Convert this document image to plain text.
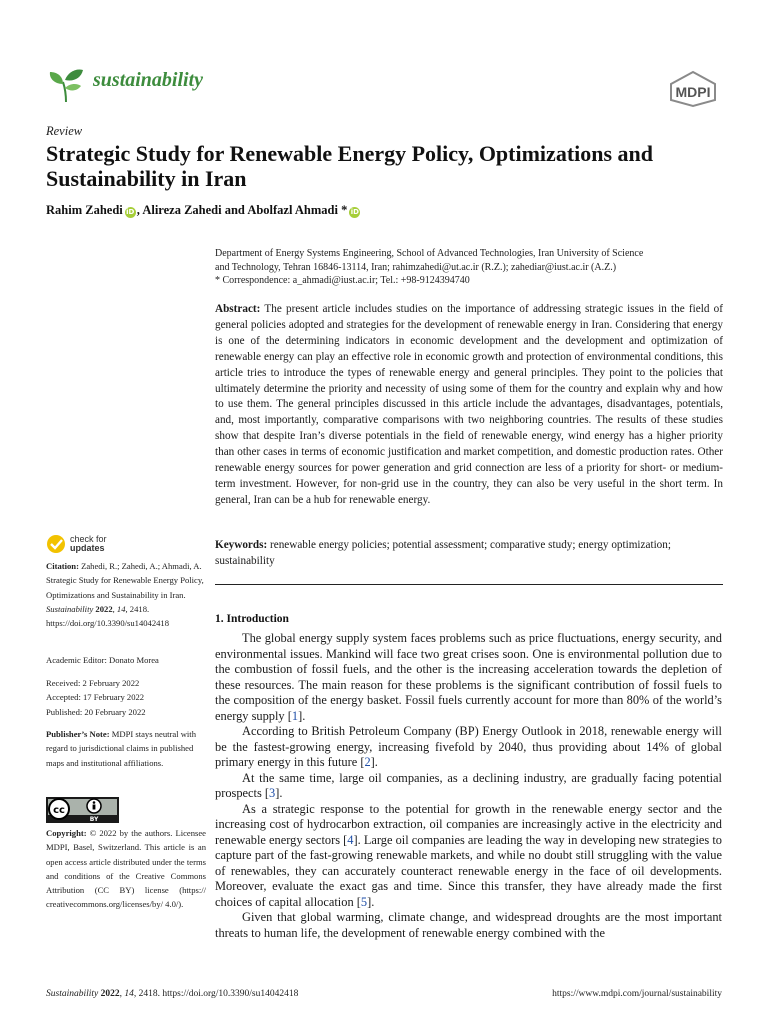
sustainability
MDPI
Review
Strategic Study for Renewable Energy Policy, Optimizations and Sustainability in Iran
Rahim Zahedi iD , Alireza Zahedi and Abolfazl Ahmadi * iD
Department of Energy Systems Engineering, School of Advanced Technologies, Iran University of Science
and Technology, Tehran 16846-13114, Iran; rahimzahedi@ut.ac.ir (R.Z.); zahediar@iust.ac.ir (A.Z.)
* Correspondence: a_ahmadi@iust.ac.ir; Tel.: +98-9124394740
Abstract: The present article includes studies on the importance of addressing strategic issues in the field of general policies adopted and strategies for the development of renewable energy in Iran. Considering that energy is one of the determining indicators in economic development and the development and optimization of renewable energy can play an effective role in economic growth and protection of environmental conditions, this article tries to introduce the types of renewable energy and general principles. They point to the policies that ultimately determine the priority and necessity of using some of them for the country and explain why and how to use them. The general principles discussed in this article include the advantages, disadvantages, potentials, and, most importantly, comparative comparisons with two neighboring countries. The results of these studies show that despite Iran’s diverse potentials in the field of renewable energy, wind energy has a higher priority than other cases in terms of economic justification and market competition, and domestic production rates. Other renewable energy sources for power generation and grid connection are less of a priority for short- or medium-term investment. However, for non-grid use in the country, they can also be very useful in the short term. In general, Iran can be a hub for renewable energy.
Keywords: renewable energy policies; potential assessment; comparative study; energy optimization; sustainability
check for
updates
Citation: Zahedi, R.; Zahedi, A.; Ahmadi, A. Strategic Study for Renewable Energy Policy, Optimizations and Sustainability in Iran. Sustainability 2022, 14, 2418. https://doi.org/10.3390/su14042418
Academic Editor: Donato Morea
Received: 2 February 2022
Accepted: 17 February 2022
Published: 20 February 2022
Publisher’s Note: MDPI stays neutral with regard to jurisdictional claims in published maps and institutional affiliations.
cc
BY
Copyright: © 2022 by the authors. Licensee MDPI, Basel, Switzerland. This article is an open access article distributed under the terms and conditions of the Creative Commons Attribution (CC BY) license (https:// creativecommons.org/licenses/by/ 4.0/).
1. Introduction

The global energy supply system faces problems such as price fluctuations, energy security, and environmental issues. Mankind will face two great crises soon. One is environmental pollution due to the combustion of fossil fuels, and the other is the increasing acceleration towards the depletion of these resources. The main reason for these problems is the significant contribution of fossil fuels to the composition of the energy basket. Fossil fuels currently account for more than 80% of the world’s energy supply [1].

According to British Petroleum Company (BP) Energy Outlook in 2018, renewable energy will be the fastest-growing energy, increasing fivefold by 2040, thus providing about 14% of global primary energy in this future [2].

At the same time, large oil companies, as a declining industry, are gradually facing potential prospects [3].

As a strategic response to the potential for growth in the renewable energy sector and the increasing cost of hydrocarbon extraction, oil companies are increasingly active in the electricity and renewable energy sectors [4]. Large oil companies are leading the way in developing new strategies to capture part of the fast-growing renewable markets, and while no doubt still struggling with the value of renewables, they can accurately counteract renewable energy in the face of oil developments. Moreover, evaluate the exact gas and time. Since this transfer, they have already made the first choices of capital allocation [5].

Given that global warming, climate change, and widespread droughts are the most important threats to human life, the development of renewable energy combined with the

Sustainability 2022, 14, 2418. https://doi.org/10.3390/su14042418	https://www.mdpi.com/journal/sustainability
